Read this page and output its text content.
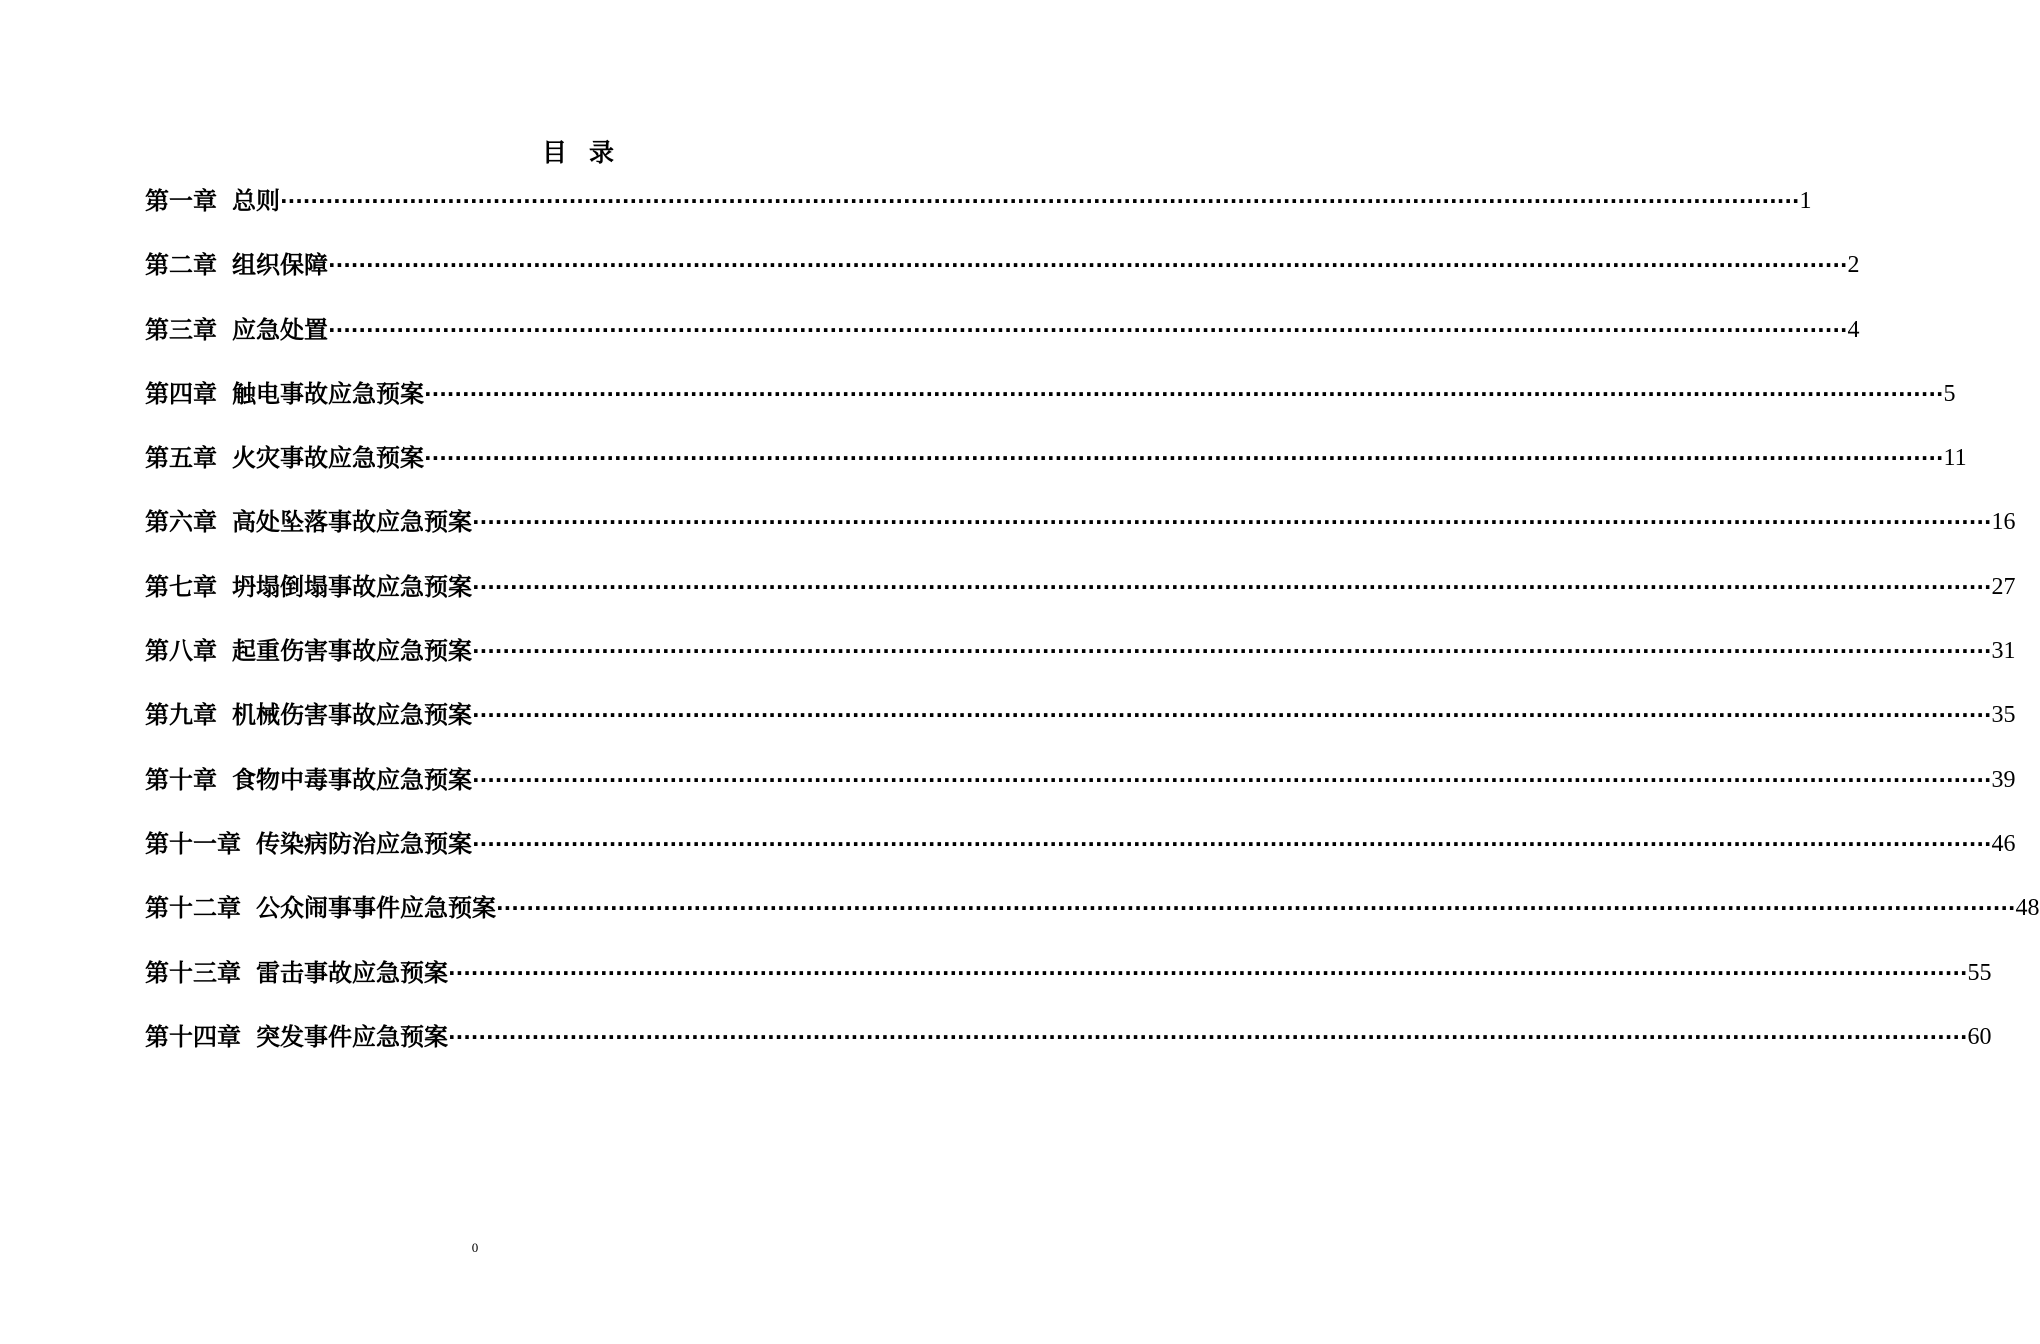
目 录
第一章 总则 ········································································································································································································ 1
第二章 组织保障 ········································································································································································································ 2
第三章 应急处置 ········································································································································································································ 4
第四章 触电事故应急预案 ········································································································································································································ 5
第五章 火灾事故应急预案 ········································································································································································································ 11
第六章 高处坠落事故应急预案 ········································································································································································································ 16
第七章 坍塌倒塌事故应急预案 ········································································································································································································ 27
第八章 起重伤害事故应急预案 ········································································································································································································ 31
第九章 机械伤害事故应急预案 ········································································································································································································ 35
第十章 食物中毒事故应急预案 ········································································································································································································ 39
第十一章 传染病防治应急预案 ········································································································································································································ 46
第十二章 公众闹事事件应急预案 ········································································································································································································ 48
第十三章 雷击事故应急预案 ········································································································································································································ 55
第十四章 突发事件应急预案 ········································································································································································································ 60
0
